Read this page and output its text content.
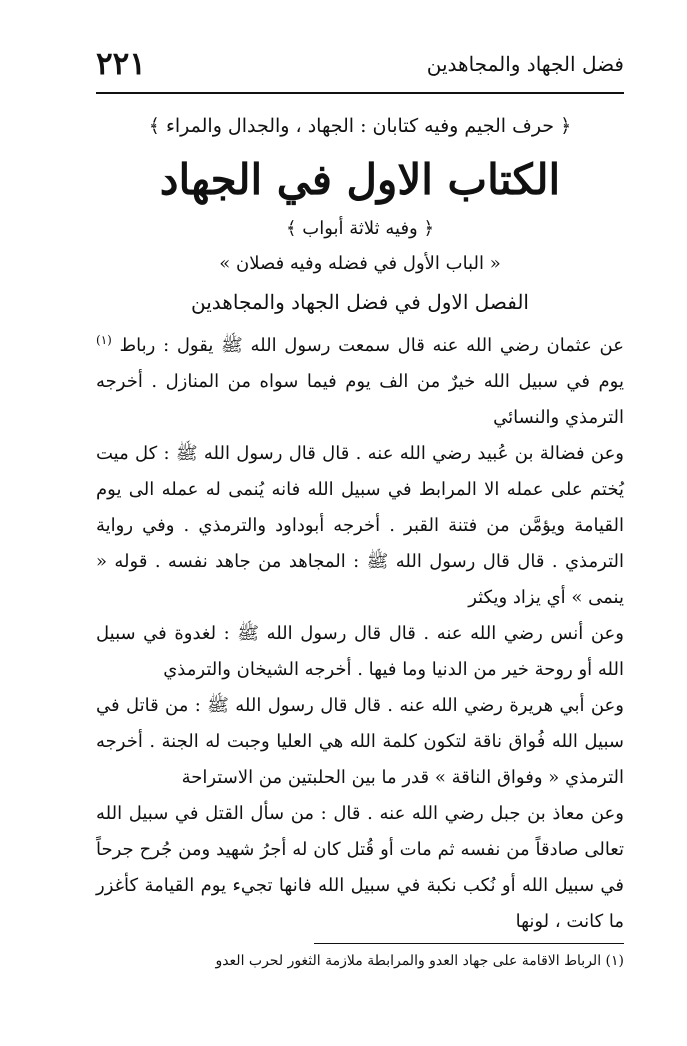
٢٢١	فضل الجهاد والمجاهدين
﴿ حرف الجيم وفيه كتابان : الجهاد ، والجدال والمراء ﴾
الكتاب الاول في الجهاد
﴿ وفيه ثلاثة أبواب ﴾
« الباب الأول في فضله وفيه فصلان »
الفصل الاول في فضل الجهاد والمجاهدين

عن عثمان رضي الله عنه قال سمعت رسول الله ﷺ يقول : رباط $^{(١)}$ يوم في سبيل الله خيرٌ من الف يوم فيما سواه من المنازل . أخرجه الترمذي والنسائي

وعن فضالة بن عُبيد رضي الله عنه . قال قال رسول الله ﷺ : كل ميت يُختم على عمله الا المرابط في سبيل الله فانه يُنمى له عمله الى يوم القيامة ويؤمَّن من فتنة القبر . أخرجه أبوداود والترمذي . وفي رواية الترمذي . قال قال رسول الله ﷺ : المجاهد من جاهد نفسه . قوله « ينمى » أي يزاد ويكثر

وعن أنس رضي الله عنه . قال قال رسول الله ﷺ : لغدوة في سبيل الله أو روحة خير من الدنيا وما فيها . أخرجه الشيخان والترمذي

وعن أبي هريرة رضي الله عنه . قال قال رسول الله ﷺ : من قاتل في سبيل الله فُواق ناقة لتكون كلمة الله هي العليا وجبت له الجنة . أخرجه الترمذي « وفواق الناقة » قدر ما بين الحلبتين من الاستراحة

وعن معاذ بن جبل رضي الله عنه . قال : من سأل القتل في سبيل الله تعالى صادقاً من نفسه ثم مات أو قُتل كان له أجرُ شهيد ومن جُرح جرحاً في سبيل الله أو نُكب نكبة في سبيل الله فانها تجيء يوم القيامة كأغزر ما كانت ، لونها

(١) الرباط الاقامة على جهاد العدو والمرابطة ملازمة الثغور لحرب العدو
